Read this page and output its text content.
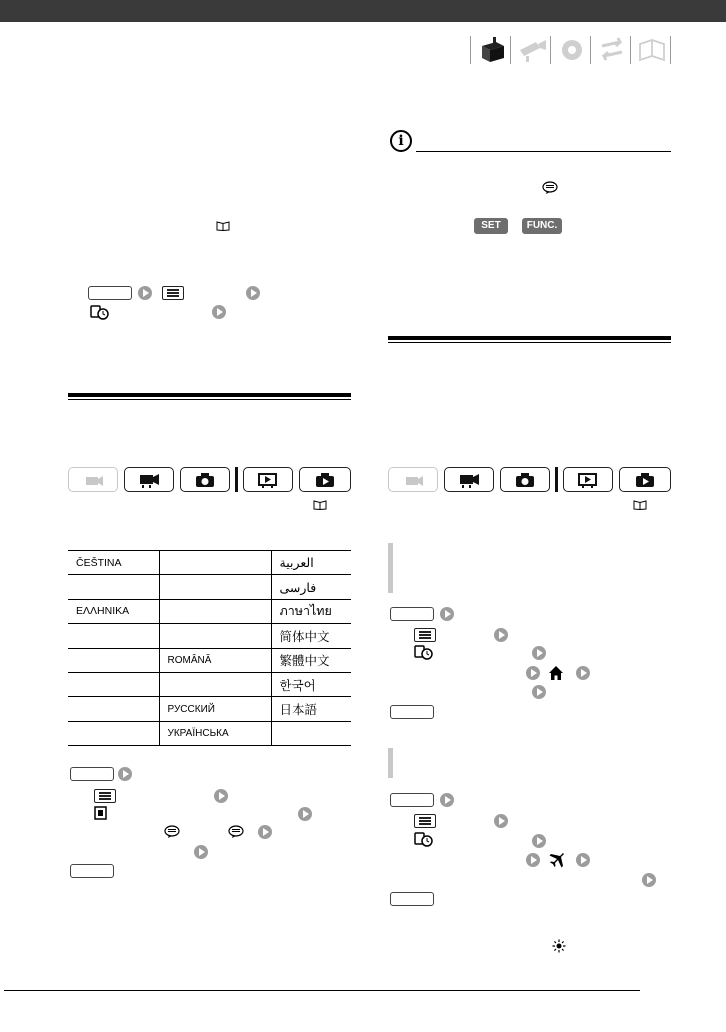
ČEŠTINA		العربية
		فارسی
ΕΛΛΗΝΙΚΑ		ภาษาไทย
		简体中文
	ROMÂNĂ	繁體中文
		한국어
	РУССКИЙ	日本語
	УКРАЇНСЬКА	
i
SET	FUNC.
